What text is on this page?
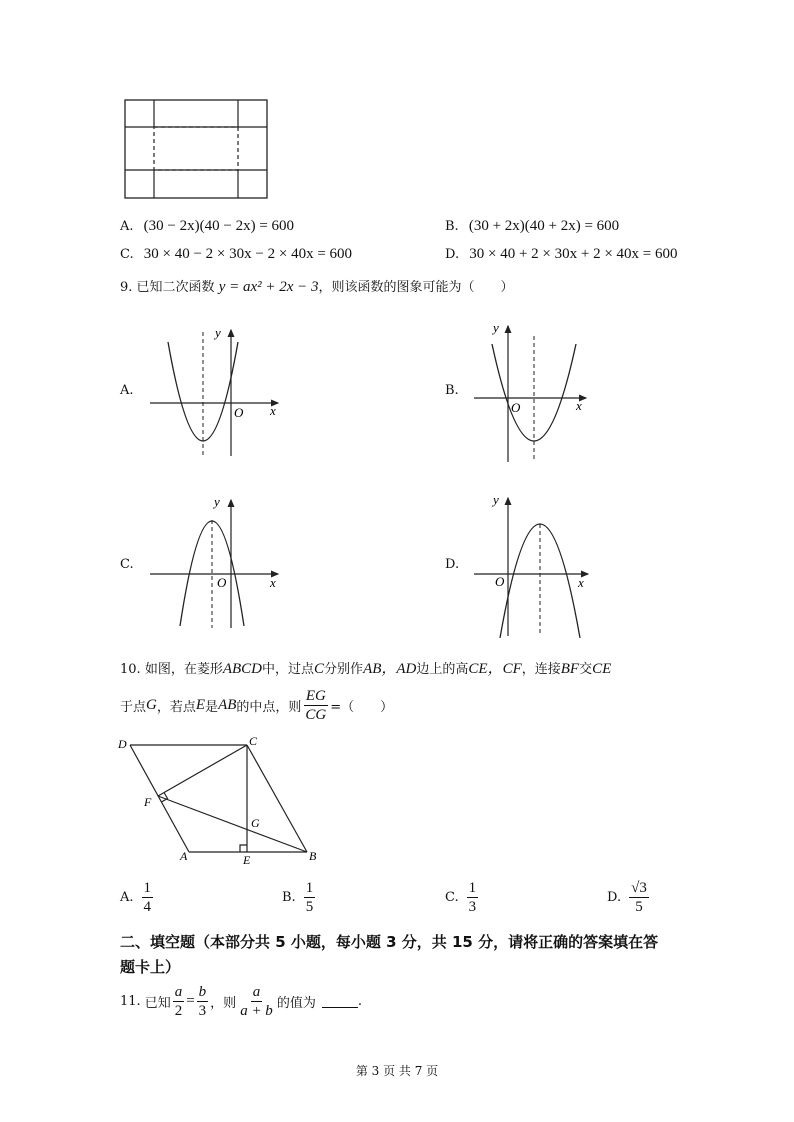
A. (30 − 2x)(40 − 2x) = 600	B. (30 + 2x)(40 + 2x) = 600
C. 30 × 40 − 2 × 30x − 2 × 40x = 600	D. 30 × 40 + 2 × 30x + 2 × 40x = 600
9. 已知二次函数 y = ax² + 2x − 3，则该函数的图象可能为（　　）
A.
y
x
O
B.
y
x
O
C.
y
x
O
D.
y
x
O
10. 如图，在菱形ABCD中，过点C分别作AB，AD边上的高CE，CF，连接BF交CE
于点 G ，若点 E 是 AB 的中点，则 $\frac{EG}{CG}$ =（　　）
D	C
F
G
A	E	B
A. $\frac{1}{4}$	B. $\frac{1}{5}$	C. $\frac{1}{3}$	D. $\frac{√3}{5}$
二、填空题（本部分共 5 小题，每小题 3 分，共 15 分，请将正确的答案填在答
题卡上）
11. 已知 $\frac{a}{2} = \frac{b}{3}$ ，则 $\frac{a}{a + b}$ 的值为	.
第 3 页 共 7 页
